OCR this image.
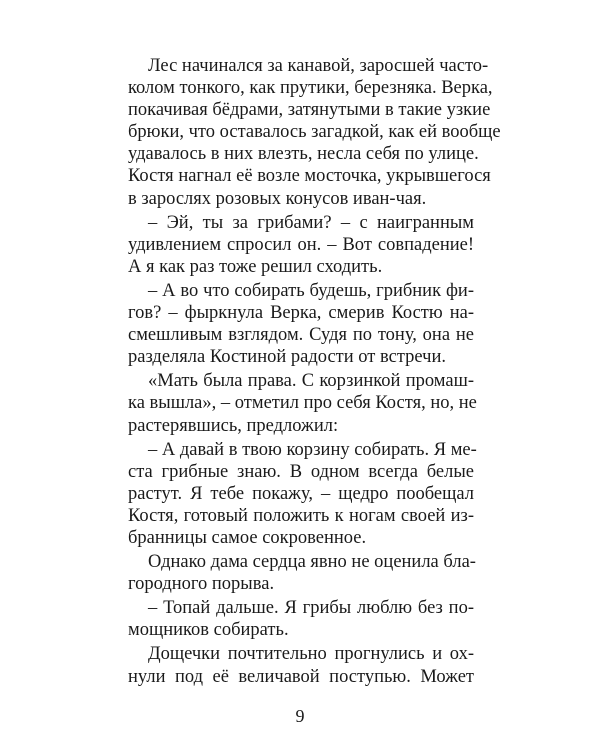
Лес начинался за канавой, заросшей часто-
колом тонкого, как прутики, березняка. Верка,
покачивая бёдрами, затянутыми в такие узкие
брюки, что оставалось загадкой, как ей вообще
удавалось в них влезть, несла себя по улице.
Костя нагнал её возле мосточка, укрывшегося
в зарослях розовых конусов иван-чая.
– Эй, ты за грибами? – с наигранным
удивлением спросил он. – Вот совпадение!
А я как раз тоже решил сходить.
– А во что собирать будешь, грибник фи-
гов? – фыркнула Верка, смерив Костю на-
смешливым взглядом. Судя по тону, она не
разделяла Костиной радости от встречи.
«Мать была права. С корзинкой промаш-
ка вышла», – отметил про себя Костя, но, не
растерявшись, предложил:
– А давай в твою корзину собирать. Я ме-
ста грибные знаю. В одном всегда белые
растут. Я тебе покажу, – щедро пообещал
Костя, готовый положить к ногам своей из-
бранницы самое сокровенное.
Однако дама сердца явно не оценила бла-
городного порыва.
– Топай дальше. Я грибы люблю без по-
мощников собирать.
Дощечки почтительно прогнулись и ох-
нули под её величавой поступью. Может
9
